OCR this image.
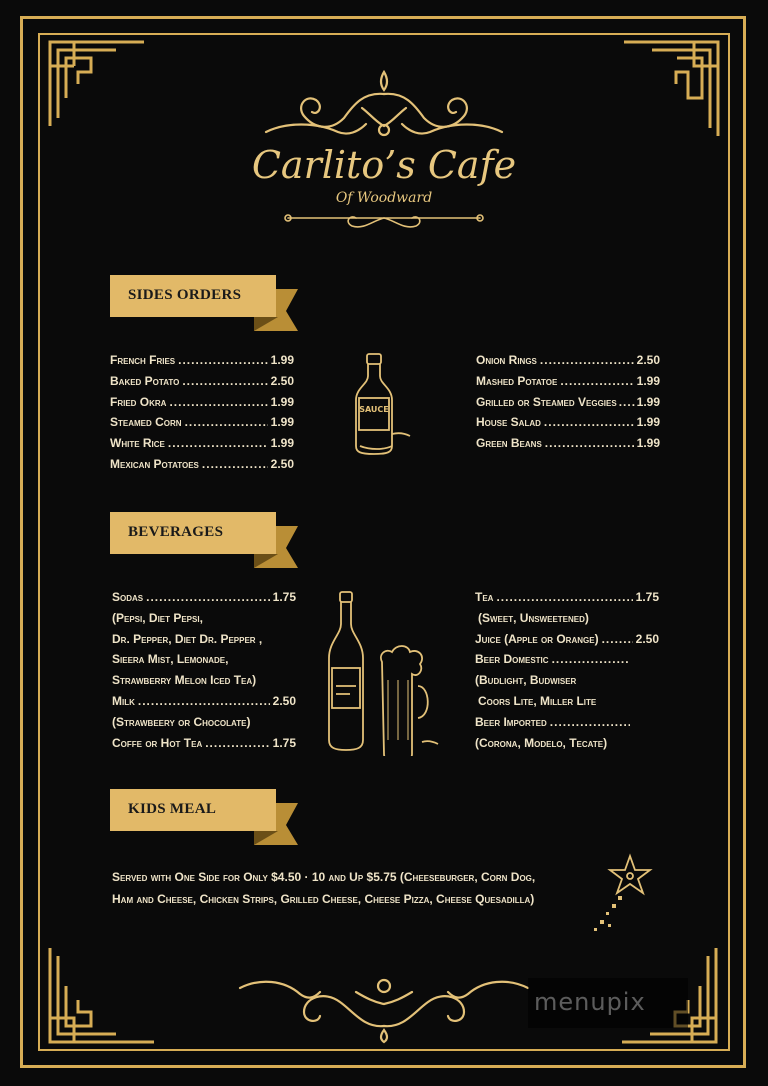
Carlito’s Cafe
Of Woodward
SIDES ORDERS
French Fries .....	1.99
Baked Potato .....	2.50
Fried Okra .....	1.99
Steamed Corn .....	1.99
White Rice .....	1.99
Mexican Potatoes .....	2.50
SAUCE
Onion Rings .....	2.50
Mashed Potatoe .....	1.99
Grilled or Steamed Veggies ..... 1.99
House Salad .....	1.99
Green Beans .....	1.99
BEVERAGES
Sodas .....	1.75
(Pepsi, Diet Pepsi,
Dr. Pepper, Diet Dr. Pepper ,
Sieera Mist, Lemonade,
Strawberry Melon Iced Tea)
Milk .....	2.50
(Strawbeery or Chocolate)
Coffe or Hot Tea .....	1.75
Tea .....	1.75
(Sweet, Unsweetened)
Juice (Apple or Orange) .....	2.50
Beer Domestic
.....
(Budlight, Budwiser
Coors Lite, Miller Lite
Beer Imported
.....
(Corona, Modelo, Tecate)
KIDS MEAL
Served with One Side for Only $4.50 · 10 and Up $5.75 (Cheeseburger, Corn Dog,
Ham and Cheese, Chicken Strips, Grilled Cheese, Cheese Pizza, Cheese Quesadilla)
menupix
